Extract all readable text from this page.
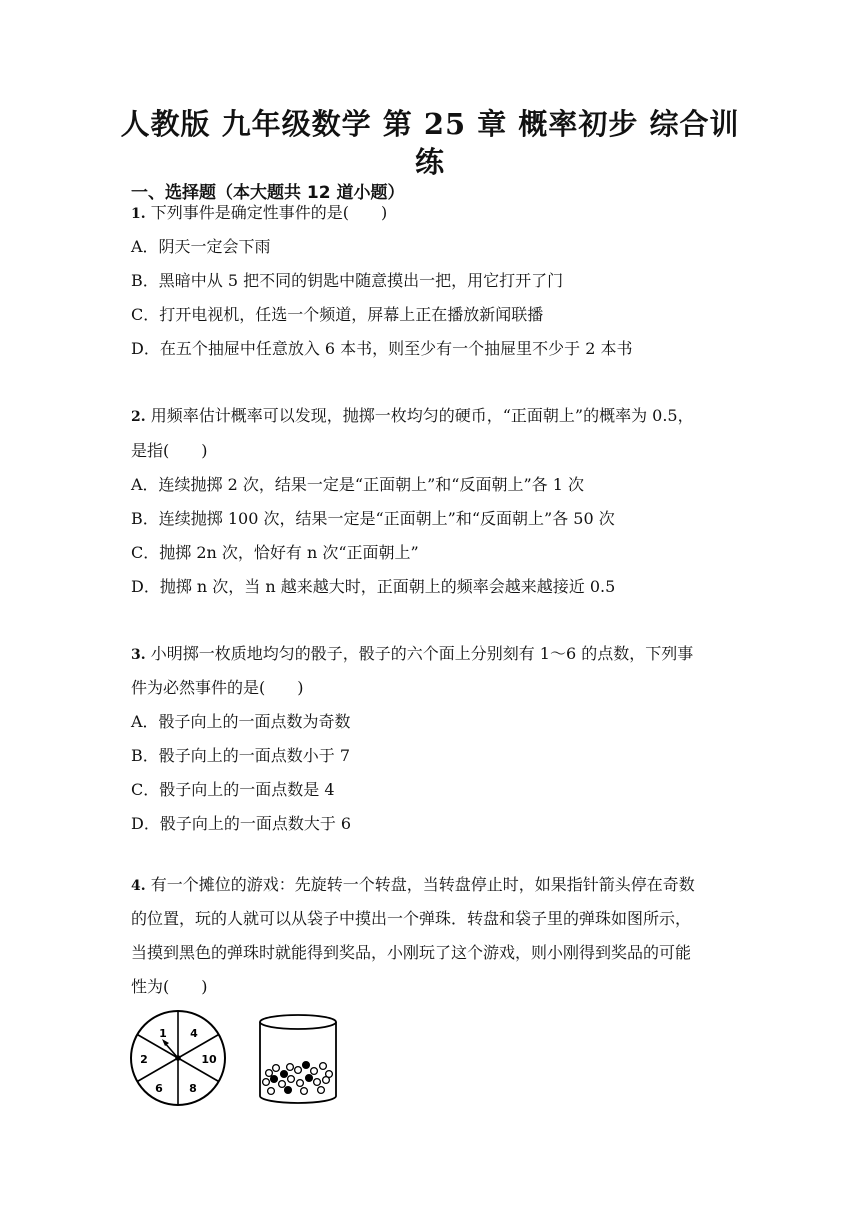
人教版 九年级数学 第 25 章 概率初步 综合训
练
一、选择题（本大题共 12 道小题）
1. 下列事件是确定性事件的是(　　)
A．阴天一定会下雨
B．黑暗中从 5 把不同的钥匙中随意摸出一把，用它打开了门
C．打开电视机，任选一个频道，屏幕上正在播放新闻联播
D．在五个抽屉中任意放入 6 本书，则至少有一个抽屉里不少于 2 本书
2. 用频率估计概率可以发现，抛掷一枚均匀的硬币，“正面朝上”的概率为 0.5，
是指(　　)
A．连续抛掷 2 次，结果一定是“正面朝上”和“反面朝上”各 1 次
B．连续抛掷 100 次，结果一定是“正面朝上”和“反面朝上”各 50 次
C．抛掷 2n 次，恰好有 n 次“正面朝上”
D．抛掷 n 次，当 n 越来越大时，正面朝上的频率会越来越接近 0.5
3. 小明掷一枚质地均匀的骰子，骰子的六个面上分别刻有 1～6 的点数，下列事
件为必然事件的是(　　)
A．骰子向上的一面点数为奇数
B．骰子向上的一面点数小于 7
C．骰子向上的一面点数是 4
D．骰子向上的一面点数大于 6
4. 有一个摊位的游戏：先旋转一个转盘，当转盘停止时，如果指针箭头停在奇数
的位置，玩的人就可以从袋子中摸出一个弹珠．转盘和袋子里的弹珠如图所示，
当摸到黑色的弹珠时就能得到奖品，小刚玩了这个游戏，则小刚得到奖品的可能
性为(　　)
1 4
2	10
6 8
